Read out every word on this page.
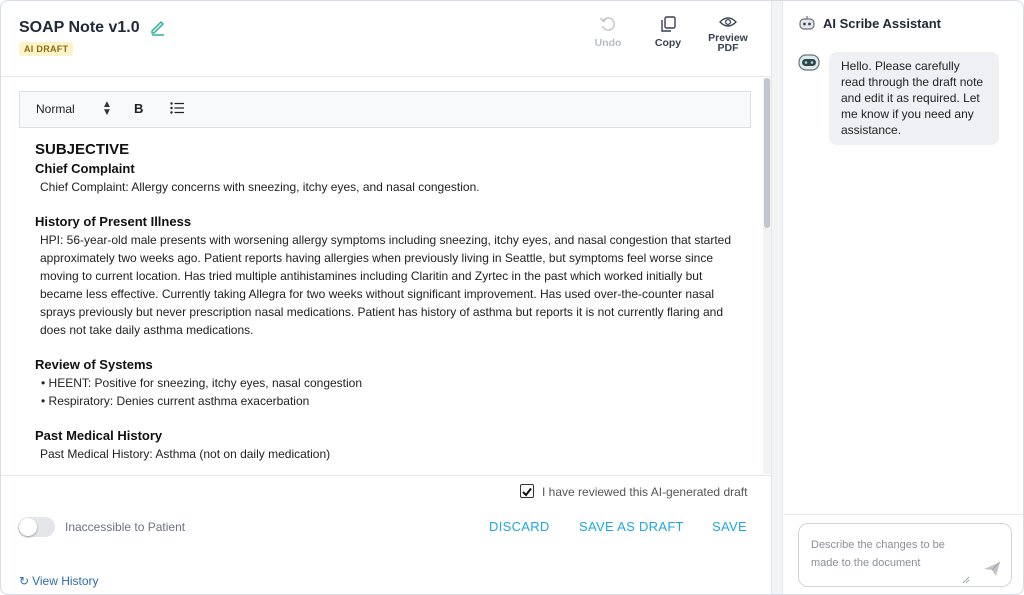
SOAP Note v1.0
AI DRAFT	Undo	Copy	Preview
PDF
Normal	▲
▼ B
SUBJECTIVE
Chief Complaint
Chief Complaint: Allergy concerns with sneezing, itchy eyes, and nasal congestion.
History of Present Illness
HPI: 56-year-old male presents with worsening allergy symptoms including sneezing, itchy eyes, and nasal congestion that started approximately two weeks ago. Patient reports having allergies when previously living in Seattle, but symptoms feel worse since moving to current location. Has tried multiple antihistamines including Claritin and Zyrtec in the past which worked initially but became less effective. Currently taking Allegra for two weeks without significant improvement. Has used over-the-counter nasal sprays previously but never prescription nasal medications. Patient has history of asthma but reports it is not currently flaring and does not take daily asthma medications.
Review of Systems
• HEENT: Positive for sneezing, itchy eyes, nasal congestion
• Respiratory: Denies current asthma exacerbation
Past Medical History
Past Medical History: Asthma (not on daily medication)
I have reviewed this AI-generated draft
Inaccessible to Patient	DISCARD SAVE AS DRAFT SAVE
↻ View History
AI Scribe Assistant
Hello. Please carefully read through the draft note and edit it as required. Let me know if you need any assistance.
Describe the changes to be made to the document
